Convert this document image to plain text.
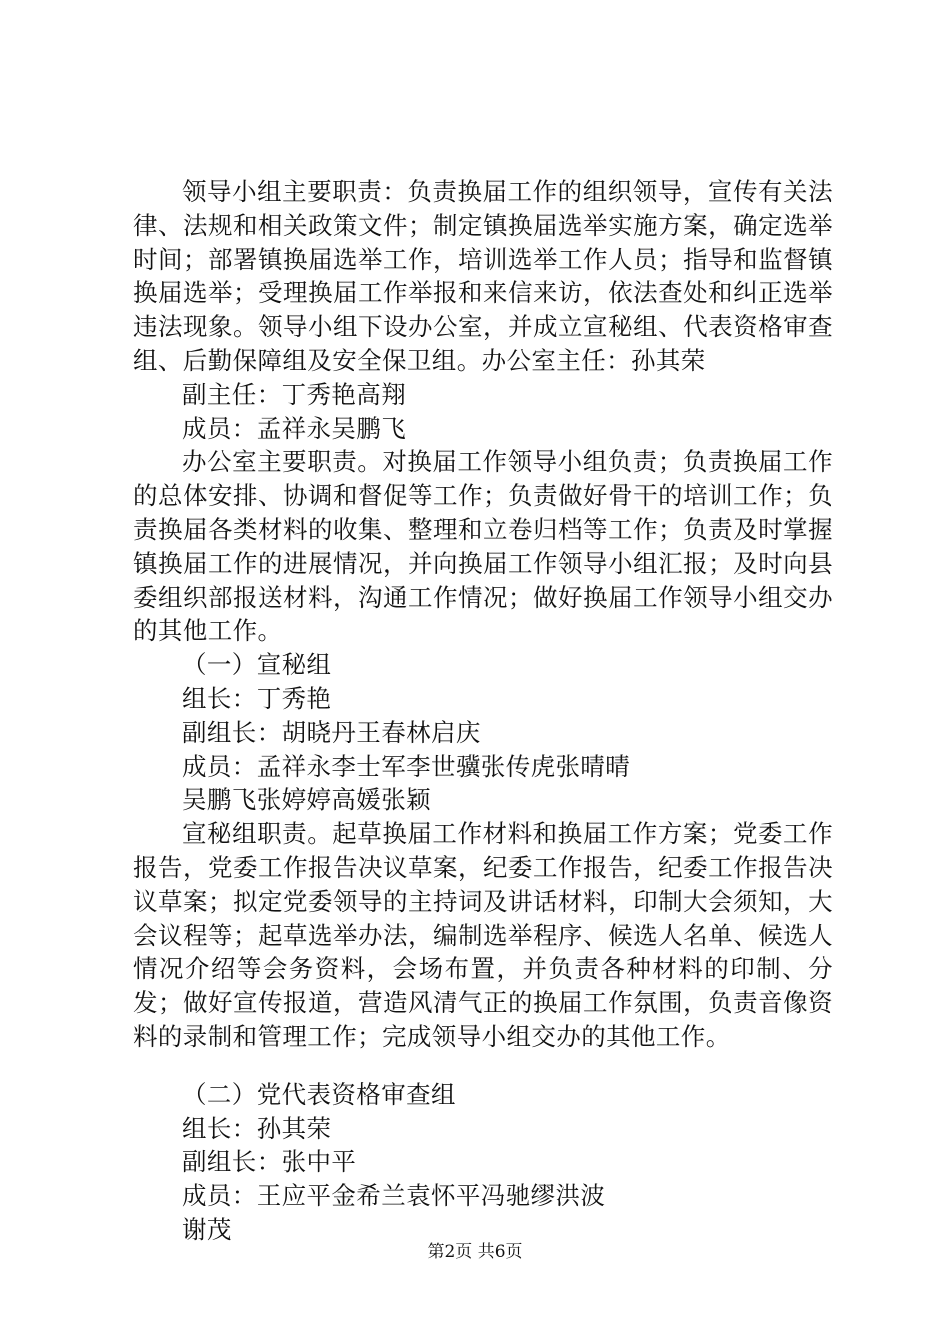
领导小组主要职责：负责换届工作的组织领导，宣传有关法律、法规和相关政策文件；制定镇换届选举实施方案，确定选举时间；部署镇换届选举工作，培训选举工作人员；指导和监督镇换届选举；受理换届工作举报和来信来访，依法查处和纠正选举违法现象。领导小组下设办公室，并成立宣秘组、代表资格审查组、后勤保障组及安全保卫组。办公室主任：孙其荣

副主任：丁秀艳高翔

成员：孟祥永吴鹏飞

办公室主要职责。对换届工作领导小组负责；负责换届工作的总体安排、协调和督促等工作；负责做好骨干的培训工作；负责换届各类材料的收集、整理和立卷归档等工作；负责及时掌握镇换届工作的进展情况，并向换届工作领导小组汇报；及时向县委组织部报送材料，沟通工作情况；做好换届工作领导小组交办的其他工作。

（一）宣秘组

组长：丁秀艳

副组长：胡晓丹王春林启庆

成员：孟祥永李士军李世骥张传虎张晴晴

吴鹏飞张婷婷高媛张颖

宣秘组职责。起草换届工作材料和换届工作方案；党委工作报告，党委工作报告决议草案，纪委工作报告，纪委工作报告决议草案；拟定党委领导的主持词及讲话材料，印制大会须知，大会议程等；起草选举办法，编制选举程序、候选人名单、候选人情况介绍等会务资料，会场布置，并负责各种材料的印制、分发；做好宣传报道，营造风清气正的换届工作氛围，负责音像资料的录制和管理工作；完成领导小组交办的其他工作。

（二）党代表资格审查组

组长：孙其荣

副组长：张中平

成员：王应平金希兰袁怀平冯驰缪洪波

谢茂

第2页 共6页
